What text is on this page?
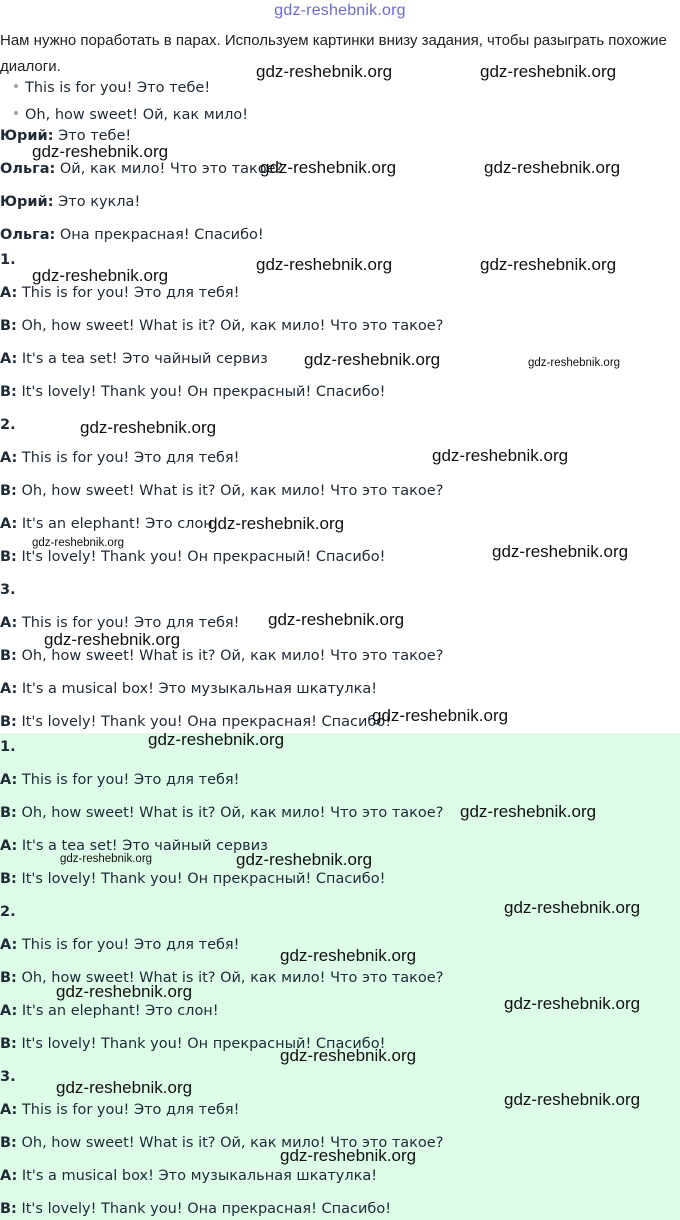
gdz-reshebnik.org
Нам нужно поработать в парах. Используем картинки внизу задания, чтобы разыграть похожие диалоги.
This is for you! Это тебе!
Oh, how sweet! Ой, как мило!
Юрий: Это тебе!
Ольга: Ой, как мило! Что это такое?
Юрий: Это кукла!
Ольга: Она прекрасная! Спасибо!
1.
A: This is for you! Это для тебя!
B: Oh, how sweet! What is it? Ой, как мило! Что это такое?
A: It's a tea set! Это чайный сервиз
B: It's lovely! Thank you! Он прекрасный! Спасибо!
2.
A: This is for you! Это для тебя!
B: Oh, how sweet! What is it? Ой, как мило! Что это такое?
A: It's an elephant! Это слон!
B: It's lovely! Thank you! Он прекрасный! Спасибо!
3.
A: This is for you! Это для тебя!
B: Oh, how sweet! What is it? Ой, как мило! Что это такое?
A: It's a musical box! Это музыкальная шкатулка!
B: It's lovely! Thank you! Она прекрасная! Спасибо!
1.
A: This is for you! Это для тебя!
B: Oh, how sweet! What is it? Ой, как мило! Что это такое?
A: It's a tea set! Это чайный сервиз
B: It's lovely! Thank you! Он прекрасный! Спасибо!
2.
A: This is for you! Это для тебя!
B: Oh, how sweet! What is it? Ой, как мило! Что это такое?
A: It's an elephant! Это слон!
B: It's lovely! Thank you! Он прекрасный! Спасибо!
3.
A: This is for you! Это для тебя!
B: Oh, how sweet! What is it? Ой, как мило! Что это такое?
A: It's a musical box! Это музыкальная шкатулка!
B: It's lovely! Thank you! Она прекрасная! Спасибо!
gdz-reshebnik.org	gdz-reshebnik.org
gdz-reshebnik.org
gdz-reshebnik.org	gdz-reshebnik.org
gdz-reshebnik.org
gdz-reshebnik.org	gdz-reshebnik.org
gdz-reshebnik.org	gdz-reshebnik.org
gdz-reshebnik.org
gdz-reshebnik.org
gdz-reshebnik.org
gdz-reshebnik.org	gdz-reshebnik.org
gdz-reshebnik.org
gdz-reshebnik.org
gdz-reshebnik.org
gdz-reshebnik.org
gdz-reshebnik.org
gdz-reshebnik.org	gdz-reshebnik.org
gdz-reshebnik.org
gdz-reshebnik.org
gdz-reshebnik.org
gdz-reshebnik.org
gdz-reshebnik.org
gdz-reshebnik.org
gdz-reshebnik.org
gdz-reshebnik.org
